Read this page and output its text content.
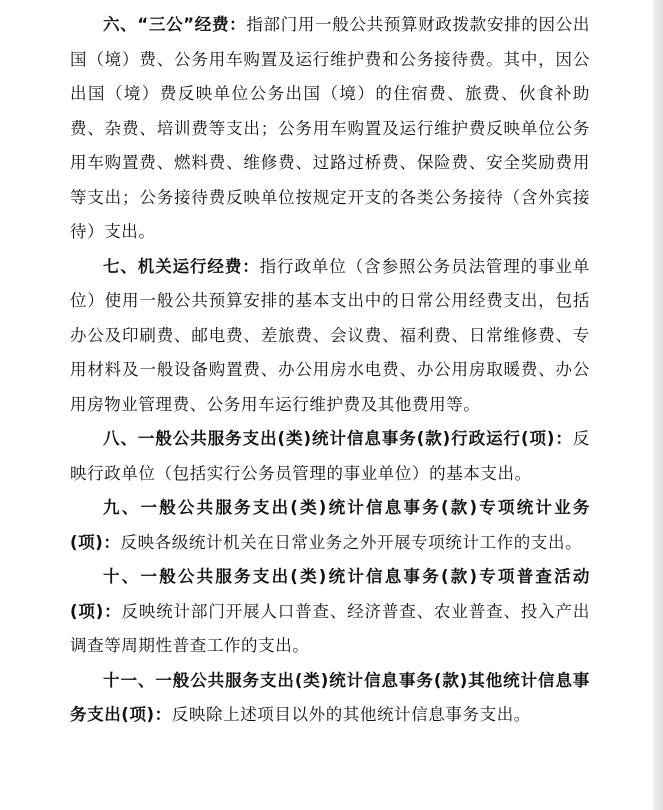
六、“三公”经费：指部门用一般公共预算财政拨款安排的因公出国（境）费、公务用车购置及运行维护费和公务接待费。其中，因公出国（境）费反映单位公务出国（境）的住宿费、旅费、伙食补助费、杂费、培训费等支出；公务用车购置及运行维护费反映单位公务用车购置费、燃料费、维修费、过路过桥费、保险费、安全奖励费用等支出；公务接待费反映单位按规定开支的各类公务接待（含外宾接待）支出。

七、机关运行经费：指行政单位（含参照公务员法管理的事业单位）使用一般公共预算安排的基本支出中的日常公用经费支出，包括办公及印刷费、邮电费、差旅费、会议费、福利费、日常维修费、专用材料及一般设备购置费、办公用房水电费、办公用房取暖费、办公用房物业管理费、公务用车运行维护费及其他费用等。

八、一般公共服务支出(类)统计信息事务(款)行政运行(项)：反映行政单位（包括实行公务员管理的事业单位）的基本支出。

九、一般公共服务支出(类)统计信息事务(款)专项统计业务(项)：反映各级统计机关在日常业务之外开展专项统计工作的支出。

十、一般公共服务支出(类)统计信息事务(款)专项普查活动(项)：反映统计部门开展人口普查、经济普查、农业普查、投入产出调查等周期性普查工作的支出。

十一、一般公共服务支出(类)统计信息事务(款)其他统计信息事务支出(项)：反映除上述项目以外的其他统计信息事务支出。
